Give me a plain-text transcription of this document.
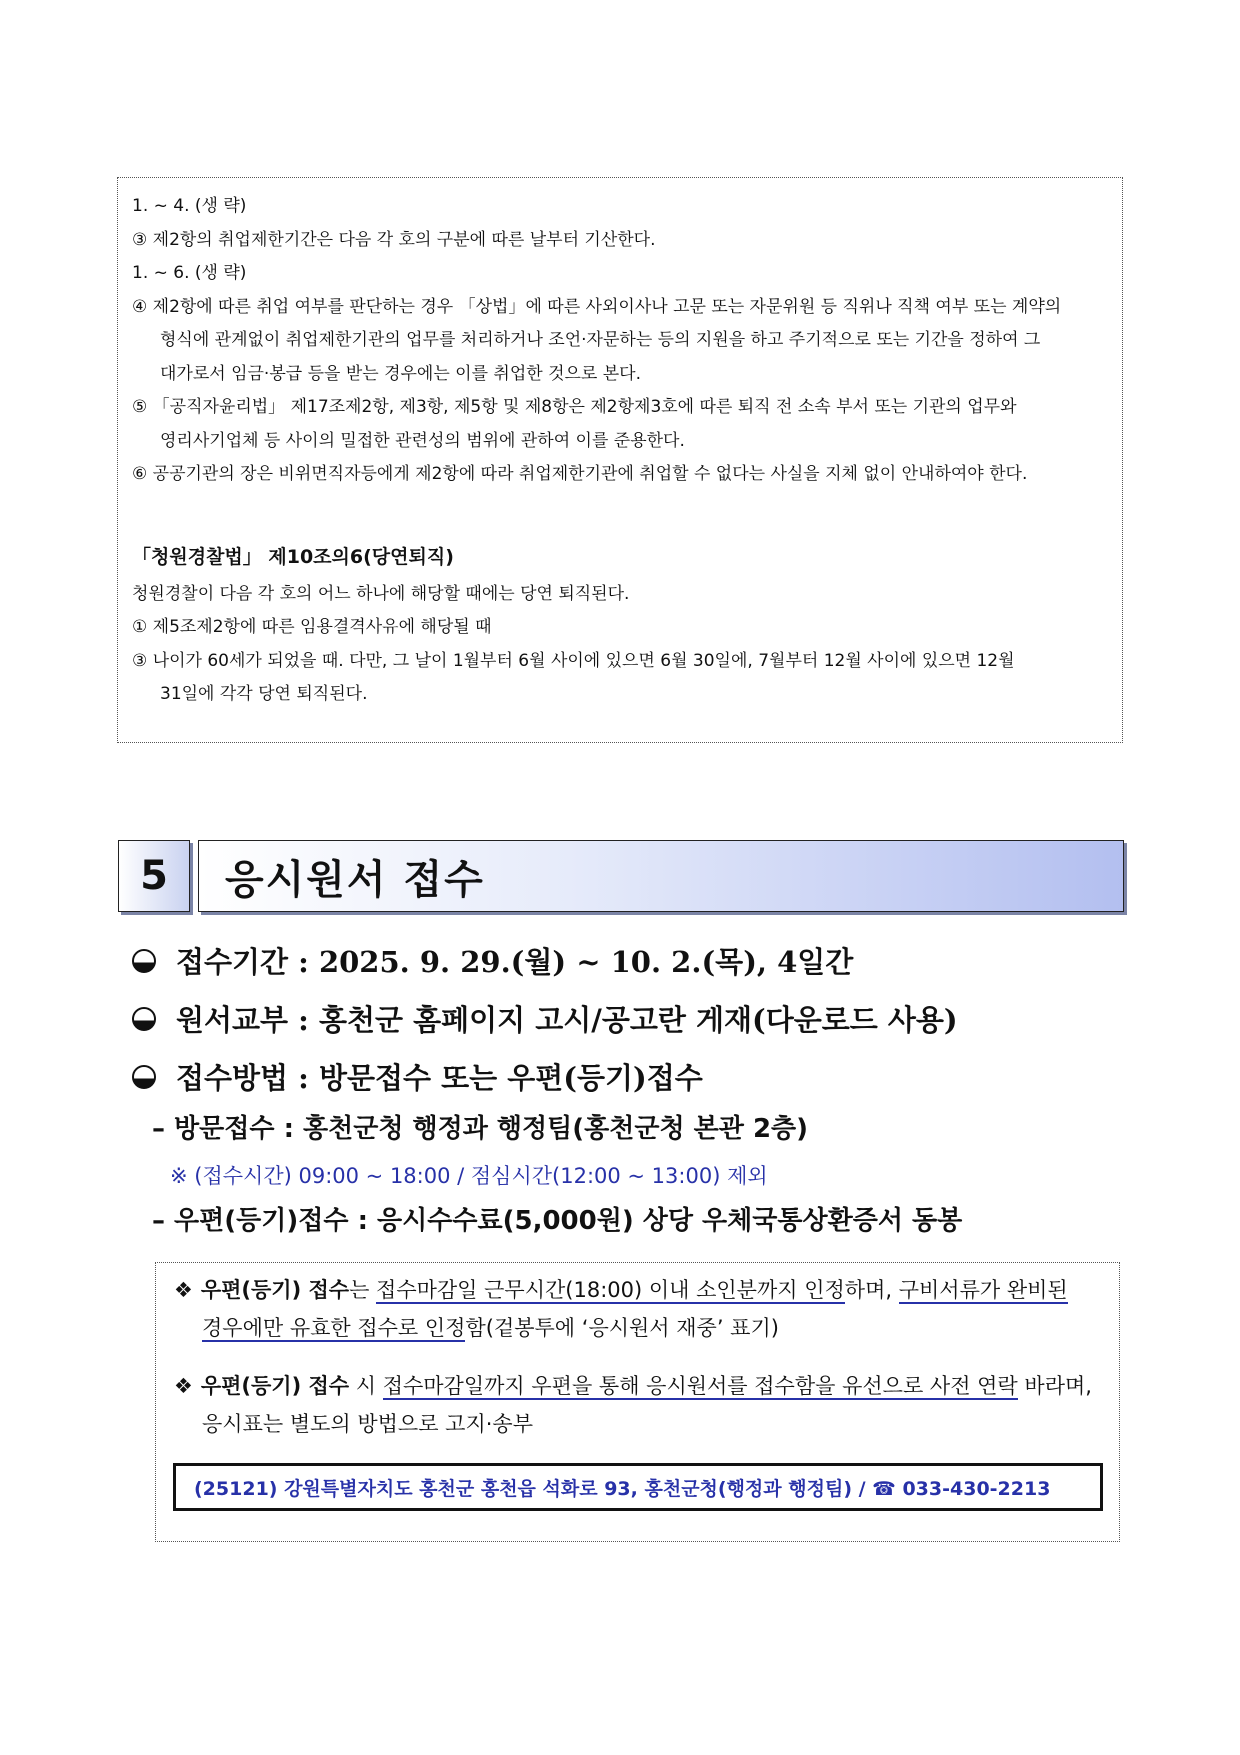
1. ~ 4. (생 략)
③ 제2항의 취업제한기간은 다음 각 호의 구분에 따른 날부터 기산한다.
1. ~ 6. (생 략)
④ 제2항에 따른 취업 여부를 판단하는 경우 「상법」에 따른 사외이사나 고문 또는 자문위원 등 직위나 직책 여부 또는 계약의
형식에 관계없이 취업제한기관의 업무를 처리하거나 조언·자문하는 등의 지원을 하고 주기적으로 또는 기간을 정하여 그
대가로서 임금·봉급 등을 받는 경우에는 이를 취업한 것으로 본다.
⑤ 「공직자윤리법」 제17조제2항, 제3항, 제5항 및 제8항은 제2항제3호에 따른 퇴직 전 소속 부서 또는 기관의 업무와
영리사기업체 등 사이의 밀접한 관련성의 범위에 관하여 이를 준용한다.
⑥ 공공기관의 장은 비위면직자등에게 제2항에 따라 취업제한기관에 취업할 수 없다는 사실을 지체 없이 안내하여야 한다.
「청원경찰법」 제10조의6(당연퇴직)
청원경찰이 다음 각 호의 어느 하나에 해당할 때에는 당연 퇴직된다.
① 제5조제2항에 따른 임용결격사유에 해당될 때
③ 나이가 60세가 되었을 때. 다만, 그 날이 1월부터 6월 사이에 있으면 6월 30일에, 7월부터 12월 사이에 있으면 12월
31일에 각각 당연 퇴직된다.
5	응시원서 접수
접수기간 : 2025. 9. 29.(월) ~ 10. 2.(목), 4일간
원서교부 : 홍천군 홈페이지 고시/공고란 게재(다운로드 사용)
접수방법 : 방문접수 또는 우편(등기)접수
– 방문접수 : 홍천군청 행정과 행정팀(홍천군청 본관 2층)
※ (접수시간) 09:00 ~ 18:00 / 점심시간(12:00 ~ 13:00) 제외
– 우편(등기)접수 : 응시수수료(5,000원) 상당 우체국통상환증서 동봉
❖ 우편(등기) 접수는 접수마감일 근무시간(18:00) 이내 소인분까지 인정하며, 구비서류가 완비된
경우에만 유효한 접수로 인정함(겉봉투에 ‘응시원서 재중’ 표기)
❖ 우편(등기) 접수 시 접수마감일까지 우편을 통해 응시원서를 접수함을 유선으로 사전 연락 바라며,
응시표는 별도의 방법으로 고지·송부
(25121) 강원특별자치도 홍천군 홍천읍 석화로 93, 홍천군청(행정과 행정팀) / ☎ 033-430-2213
